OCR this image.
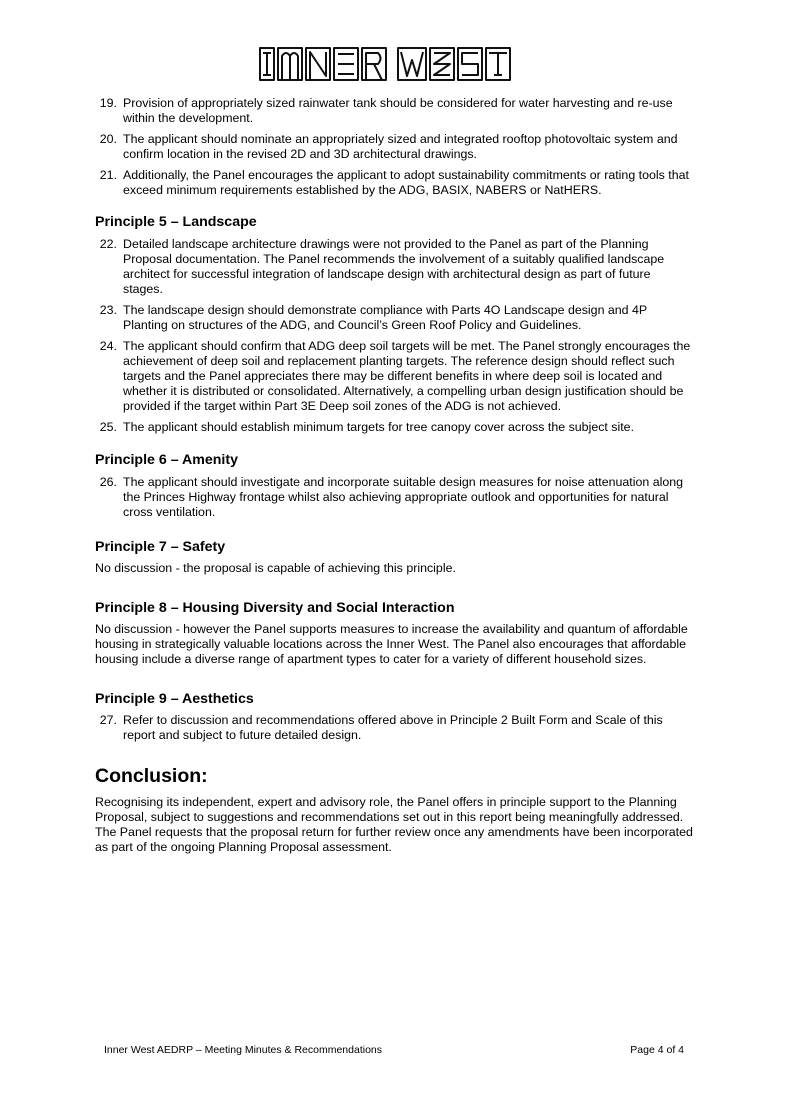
19. Provision of appropriately sized rainwater tank should be considered for water harvesting and re-use within the development.
20. The applicant should nominate an appropriately sized and integrated rooftop photovoltaic system and confirm location in the revised 2D and 3D architectural drawings.
21. Additionally, the Panel encourages the applicant to adopt sustainability commitments or rating tools that exceed minimum requirements established by the ADG, BASIX, NABERS or NatHERS.
Principle 5 – Landscape
22. Detailed landscape architecture drawings were not provided to the Panel as part of the Planning Proposal documentation. The Panel recommends the involvement of a suitably qualified landscape architect for successful integration of landscape design with architectural design as part of future stages.
23. The landscape design should demonstrate compliance with Parts 4O Landscape design and 4P Planting on structures of the ADG, and Council’s Green Roof Policy and Guidelines.
24. The applicant should confirm that ADG deep soil targets will be met. The Panel strongly encourages the achievement of deep soil and replacement planting targets. The reference design should reflect such targets and the Panel appreciates there may be different benefits in where deep soil is located and whether it is distributed or consolidated. Alternatively, a compelling urban design justification should be provided if the target within Part 3E Deep soil zones of the ADG is not achieved.
25. The applicant should establish minimum targets for tree canopy cover across the subject site.
Principle 6 – Amenity
26. The applicant should investigate and incorporate suitable design measures for noise attenuation along the Princes Highway frontage whilst also achieving appropriate outlook and opportunities for natural cross ventilation.
Principle 7 – Safety

No discussion - the proposal is capable of achieving this principle.

Principle 8 – Housing Diversity and Social Interaction

No discussion - however the Panel supports measures to increase the availability and quantum of affordable housing in strategically valuable locations across the Inner West. The Panel also encourages that affordable housing include a diverse range of apartment types to cater for a variety of different household sizes.

Principle 9 – Aesthetics
27. Refer to discussion and recommendations offered above in Principle 2 Built Form and Scale of this report and subject to future detailed design.
Conclusion:

Recognising its independent, expert and advisory role, the Panel offers in principle support to the Planning Proposal, subject to suggestions and recommendations set out in this report being meaningfully addressed. The Panel requests that the proposal return for further review once any amendments have been incorporated as part of the ongoing Planning Proposal assessment.

Inner West AEDRP – Meeting Minutes & Recommendations	Page 4 of 4
